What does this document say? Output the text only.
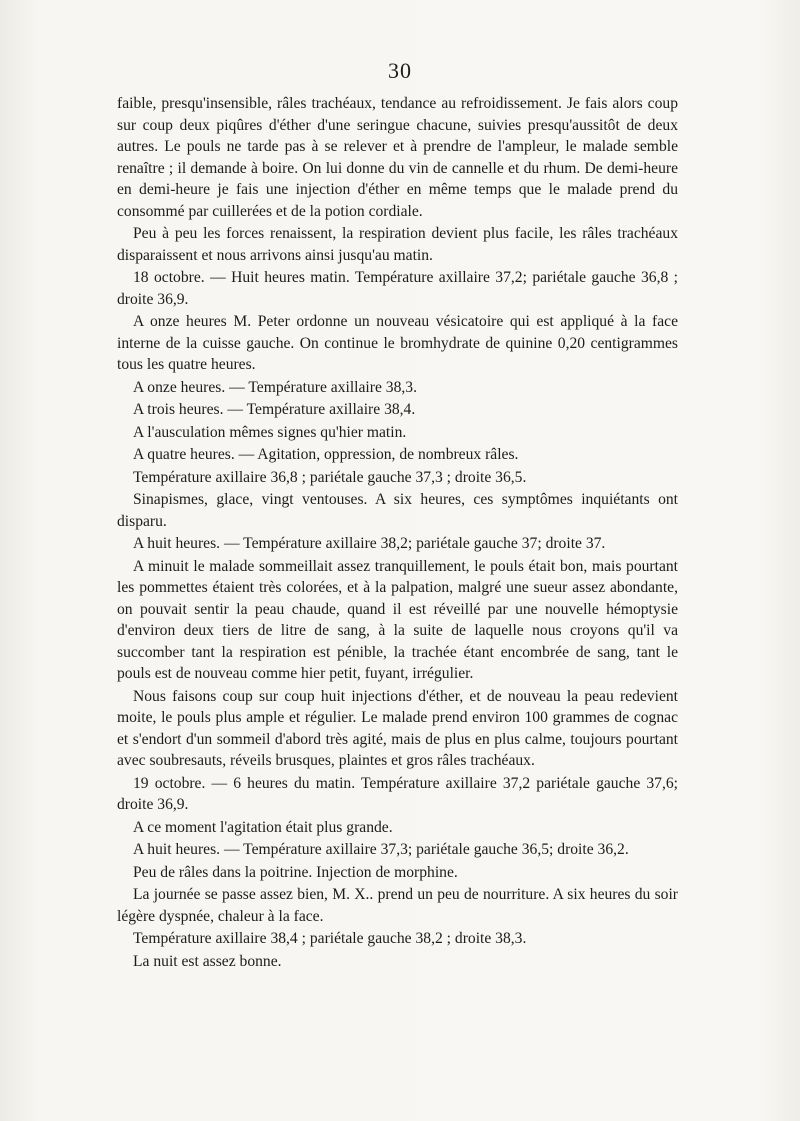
30

faible, presqu'insensible, râles trachéaux, tendance au refroidissement. Je fais alors coup sur coup deux piqûres d'éther d'une seringue chacune, suivies presqu'aussitôt de deux autres. Le pouls ne tarde pas à se relever et à prendre de l'ampleur, le malade semble renaître ; il demande à boire. On lui donne du vin de cannelle et du rhum. De demi-heure en demi-heure je fais une injection d'éther en même temps que le malade prend du consommé par cuillerées et de la potion cordiale.

Peu à peu les forces renaissent, la respiration devient plus facile, les râles trachéaux disparaissent et nous arrivons ainsi jusqu'au matin.

18 octobre. — Huit heures matin. Température axillaire 37,2; pariétale gauche 36,8 ; droite 36,9.

A onze heures M. Peter ordonne un nouveau vésicatoire qui est appliqué à la face interne de la cuisse gauche. On continue le bromhydrate de quinine 0,20 centigrammes tous les quatre heures.

A onze heures. — Température axillaire 38,3.

A trois heures. — Température axillaire 38,4.

A l'ausculation mêmes signes qu'hier matin.

A quatre heures. — Agitation, oppression, de nombreux râles.

Température axillaire 36,8 ; pariétale gauche 37,3 ; droite 36,5.

Sinapismes, glace, vingt ventouses. A six heures, ces symptômes inquiétants ont disparu.

A huit heures. — Température axillaire 38,2; pariétale gauche 37; droite 37.

A minuit le malade sommeillait assez tranquillement, le pouls était bon, mais pourtant les pommettes étaient très colorées, et à la palpation, malgré une sueur assez abondante, on pouvait sentir la peau chaude, quand il est réveillé par une nouvelle hémoptysie d'environ deux tiers de litre de sang, à la suite de laquelle nous croyons qu'il va succomber tant la respiration est pénible, la trachée étant encombrée de sang, tant le pouls est de nouveau comme hier petit, fuyant, irrégulier.

Nous faisons coup sur coup huit injections d'éther, et de nouveau la peau redevient moite, le pouls plus ample et régulier. Le malade prend environ 100 grammes de cognac et s'endort d'un sommeil d'abord très agité, mais de plus en plus calme, toujours pourtant avec soubresauts, réveils brusques, plaintes et gros râles trachéaux.

19 octobre. — 6 heures du matin. Température axillaire 37,2 pariétale gauche 37,6; droite 36,9.

A ce moment l'agitation était plus grande.

A huit heures. — Température axillaire 37,3; pariétale gauche 36,5; droite 36,2.

Peu de râles dans la poitrine. Injection de morphine.

La journée se passe assez bien, M. X.. prend un peu de nourriture. A six heures du soir légère dyspnée, chaleur à la face.

Température axillaire 38,4 ; pariétale gauche 38,2 ; droite 38,3.

La nuit est assez bonne.
